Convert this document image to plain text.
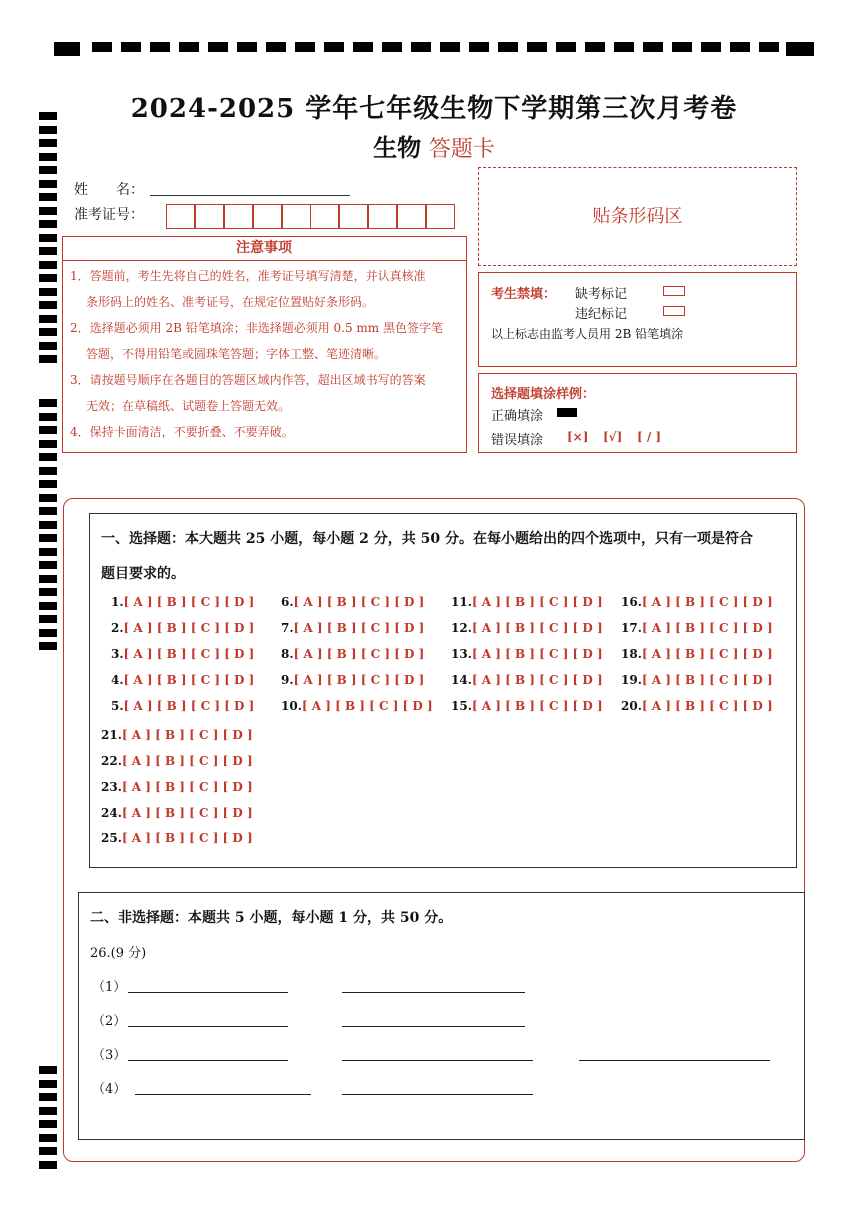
2024-2025 学年七年级生物下学期第三次月考卷
生物 答题卡
姓　　名：
准考证号：	贴条形码区
注意事项
1．答题前，考生先将自己的姓名，准考证号填写清楚，并认真核准
条形码上的姓名、准考证号，在规定位置贴好条形码。
2．选择题必须用 2B 铅笔填涂；非选择题必须用 0.5 mm 黑色签字笔
答题，不得用铅笔或圆珠笔答题；字体工整、笔迹清晰。
3．请按题号顺序在各题目的答题区域内作答，超出区域书写的答案
无效；在草稿纸、试题卷上答题无效。
4．保持卡面清洁，不要折叠、不要弄破。
考生禁填： 缺考标记
违纪标记
以上标志由监考人员用 2B 铅笔填涂
选择题填涂样例：
正确填涂
错误填涂 [×] [√] [ / ]
一、选择题：本大题共 25 小题，每小题 2 分，共 50 分。在每小题给出的四个选项中，只有一项是符合
题目要求的。
1.[ A ] [ B ] [ C ] [ D ]
2.[ A ] [ B ] [ C ] [ D ]
3.[ A ] [ B ] [ C ] [ D ]
4.[ A ] [ B ] [ C ] [ D ]
5.[ A ] [ B ] [ C ] [ D ]
6.[ A ] [ B ] [ C ] [ D ]
7.[ A ] [ B ] [ C ] [ D ]
8.[ A ] [ B ] [ C ] [ D ]
9.[ A ] [ B ] [ C ] [ D ]
10.[ A ] [ B ] [ C ] [ D ]
11.[ A ] [ B ] [ C ] [ D ]
12.[ A ] [ B ] [ C ] [ D ]
13.[ A ] [ B ] [ C ] [ D ]
14.[ A ] [ B ] [ C ] [ D ]
15.[ A ] [ B ] [ C ] [ D ]
16.[ A ] [ B ] [ C ] [ D ]
17.[ A ] [ B ] [ C ] [ D ]
18.[ A ] [ B ] [ C ] [ D ]
19.[ A ] [ B ] [ C ] [ D ]
20.[ A ] [ B ] [ C ] [ D ]
21.[ A ] [ B ] [ C ] [ D ]
22.[ A ] [ B ] [ C ] [ D ]
23.[ A ] [ B ] [ C ] [ D ]
24.[ A ] [ B ] [ C ] [ D ]
25.[ A ] [ B ] [ C ] [ D ]
二、非选择题：本题共 5 小题，每小题 1 分，共 50 分。
26.(9 分)
（1）
（2）
（3）
（4）
